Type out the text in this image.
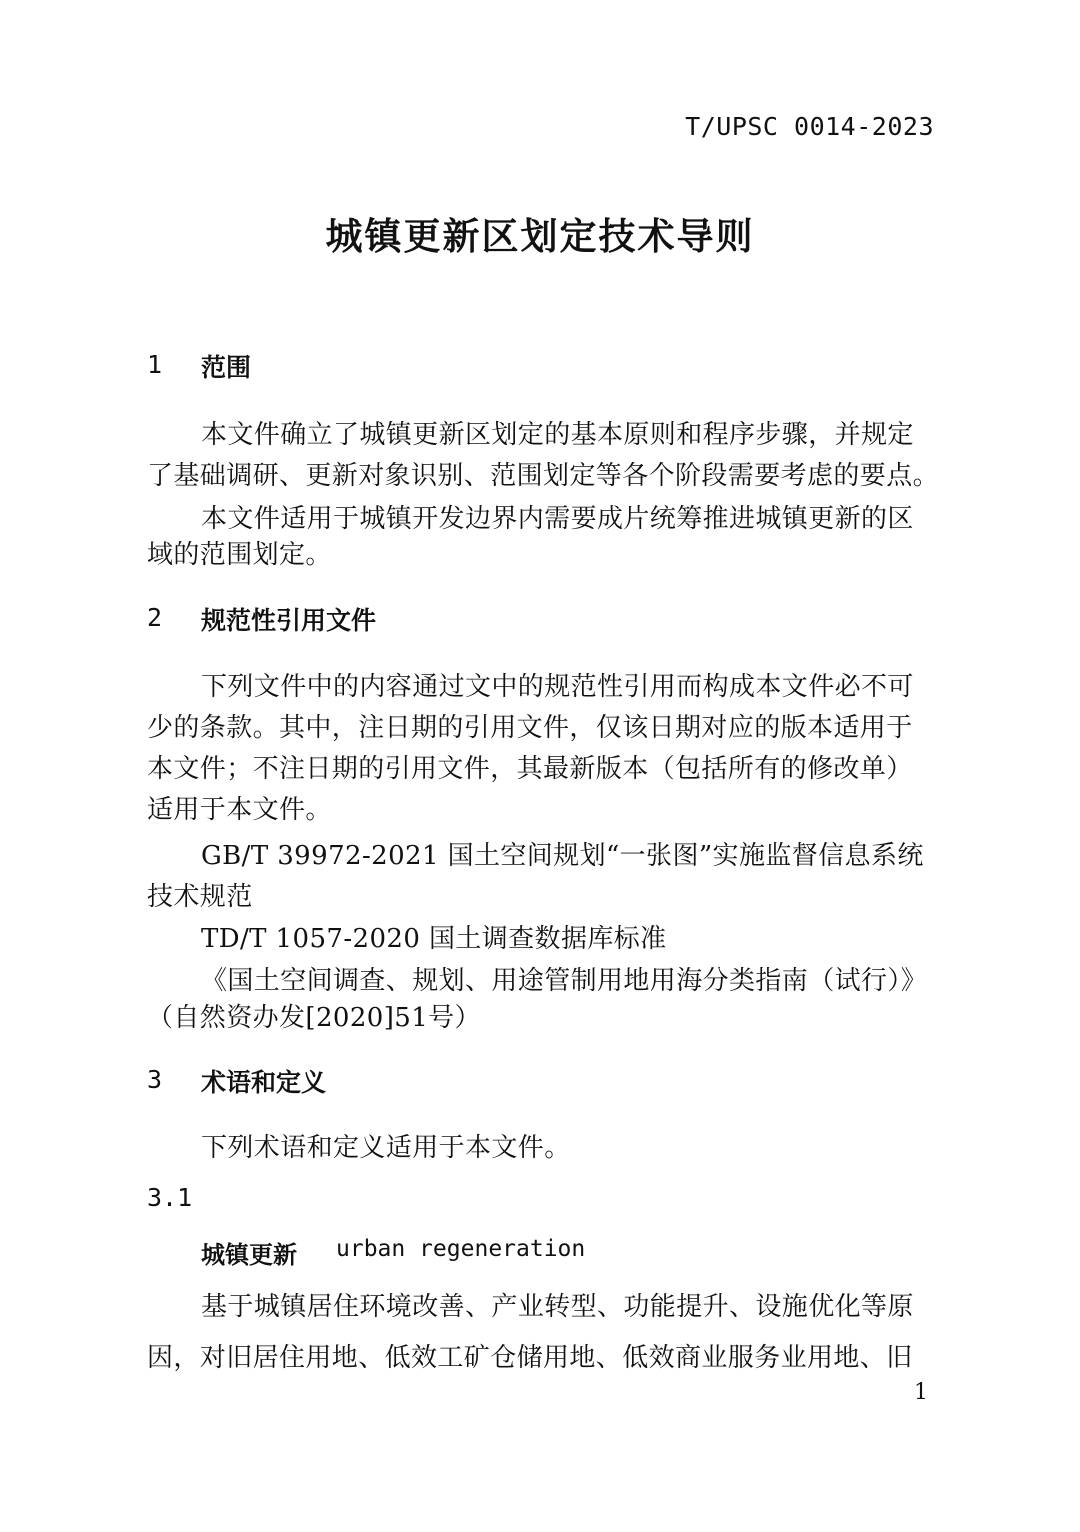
T/UPSC 0014-2023
城镇更新区划定技术导则
1 范围
本文件确立了城镇更新区划定的基本原则和程序步骤，并规定
了基础调研、更新对象识别、范围划定等各个阶段需要考虑的要点。
本文件适用于城镇开发边界内需要成片统筹推进城镇更新的区
域的范围划定。
2 规范性引用文件
下列文件中的内容通过文中的规范性引用而构成本文件必不可
少的条款。其中，注日期的引用文件，仅该日期对应的版本适用于
本文件；不注日期的引用文件，其最新版本（包括所有的修改单）
适用于本文件。
GB/T 39972-2021 国土空间规划“一张图”实施监督信息系统
技术规范
TD/T 1057-2020 国土调查数据库标准
《国土空间调查、规划、用途管制用地用海分类指南（试行）》
（自然资办发[2020]51号）
3 术语和定义
下列术语和定义适用于本文件。
3.1
城镇更新 urban regeneration
基于城镇居住环境改善、产业转型、功能提升、设施优化等原
因，对旧居住用地、低效工矿仓储用地、低效商业服务业用地、旧
1
